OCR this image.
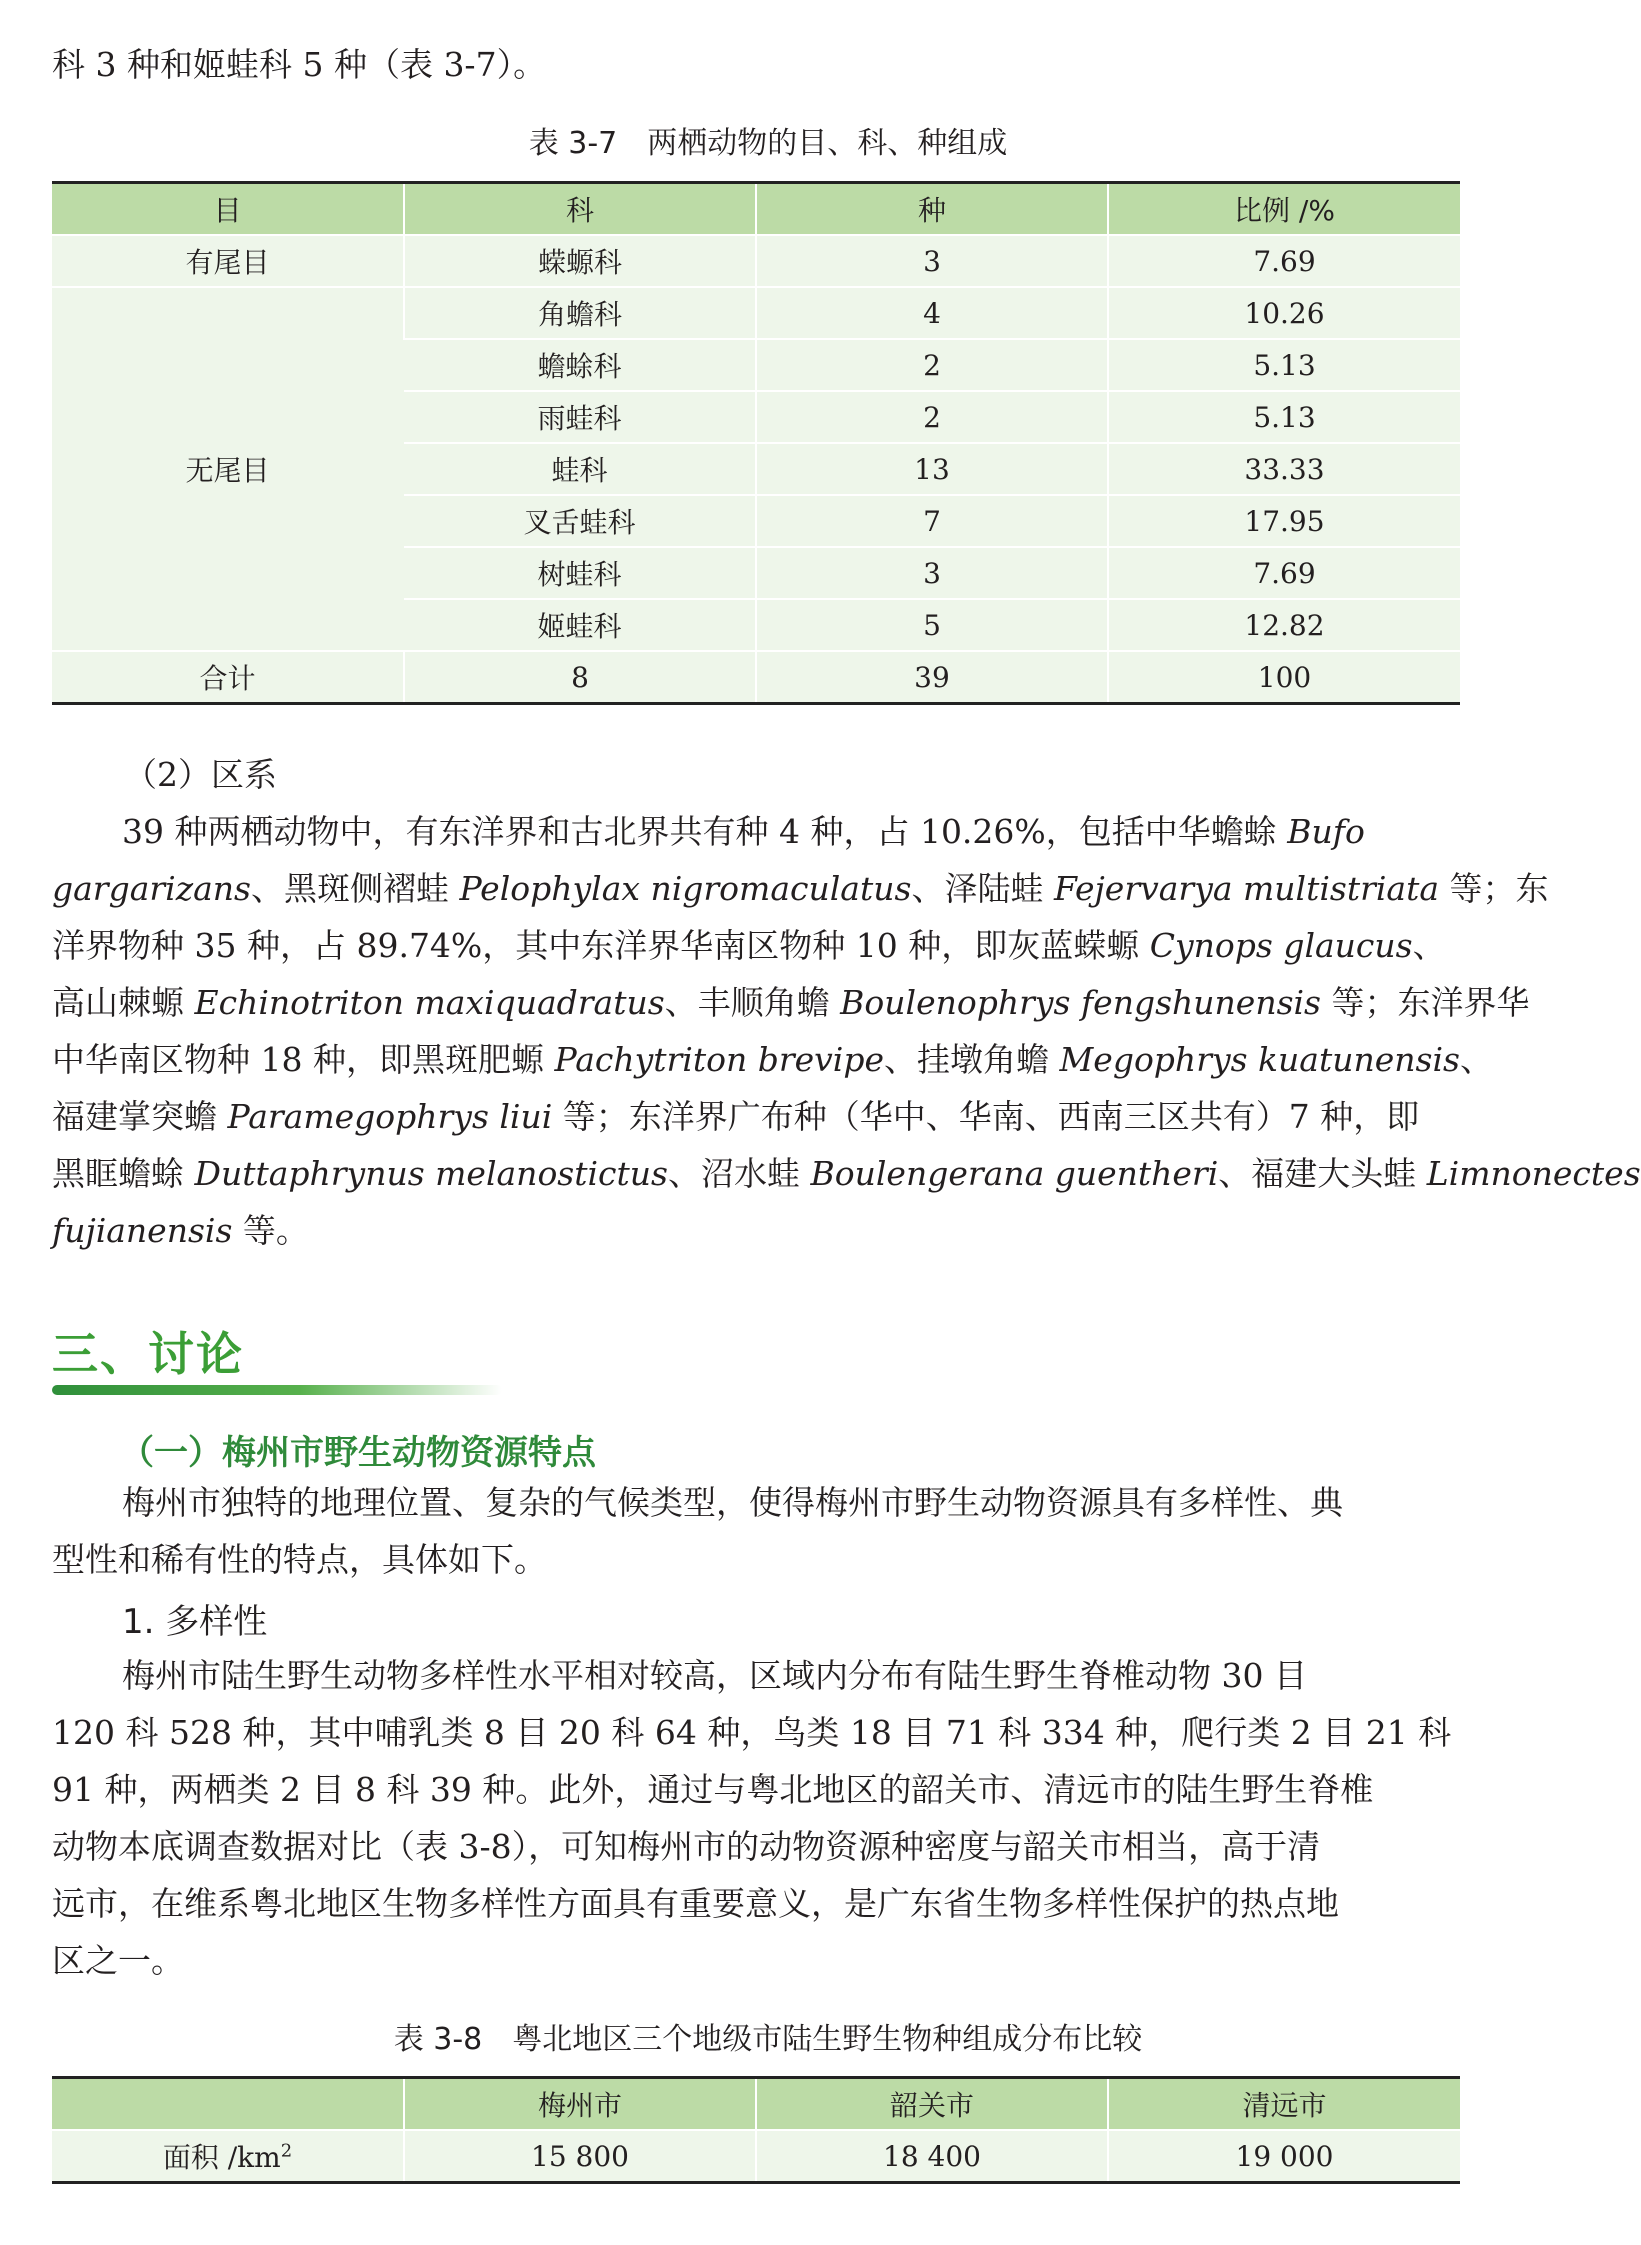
科 3 种和姬蛙科 5 种（表 3-7）。
表 3-7 两栖动物的目、科、种组成
目	科	种	比例 /%
有尾目	蝾螈科	3	7.69
无尾目	角蟾科	4	10.26
	蟾蜍科	2	5.13
	雨蛙科	2	5.13
	蛙科	13	33.33
	叉舌蛙科	7	17.95
	树蛙科	3	7.69
	姬蛙科	5	12.82
合计	8	39	100
（2）区系
39 种两栖动物中，有东洋界和古北界共有种 4 种，占 10.26%，包括中华蟾蜍 Bufo
gargarizans、黑斑侧褶蛙 Pelophylax nigromaculatus、泽陆蛙 Fejervarya multistriata 等；东
洋界物种 35 种，占 89.74%，其中东洋界华南区物种 10 种，即灰蓝蝾螈 Cynops glaucus、
高山棘螈 Echinotriton maxiquadratus、丰顺角蟾 Boulenophrys fengshunensis 等；东洋界华
中华南区物种 18 种，即黑斑肥螈 Pachytriton brevipe、挂墩角蟾 Megophrys kuatunensis、
福建掌突蟾 Paramegophrys liui 等；东洋界广布种（华中、华南、西南三区共有）7 种，即
黑眶蟾蜍 Duttaphrynus melanostictus、沼水蛙 Boulengerana guentheri、福建大头蛙 Limnonectes
fujianensis 等。
三、讨论
（一）梅州市野生动物资源特点
梅州市独特的地理位置、复杂的气候类型，使得梅州市野生动物资源具有多样性、典
型性和稀有性的特点，具体如下。
1. 多样性
梅州市陆生野生动物多样性水平相对较高，区域内分布有陆生野生脊椎动物 30 目
120 科 528 种，其中哺乳类 8 目 20 科 64 种，鸟类 18 目 71 科 334 种，爬行类 2 目 21 科
91 种，两栖类 2 目 8 科 39 种。此外，通过与粤北地区的韶关市、清远市的陆生野生脊椎
动物本底调查数据对比（表 3-8），可知梅州市的动物资源种密度与韶关市相当，高于清
远市，在维系粤北地区生物多样性方面具有重要意义，是广东省生物多样性保护的热点地
区之一。
表 3-8 粤北地区三个地级市陆生野生物种组成分布比较
	梅州市	韶关市	清远市
面积 $/km^2$	15 800	18 400	19 000
